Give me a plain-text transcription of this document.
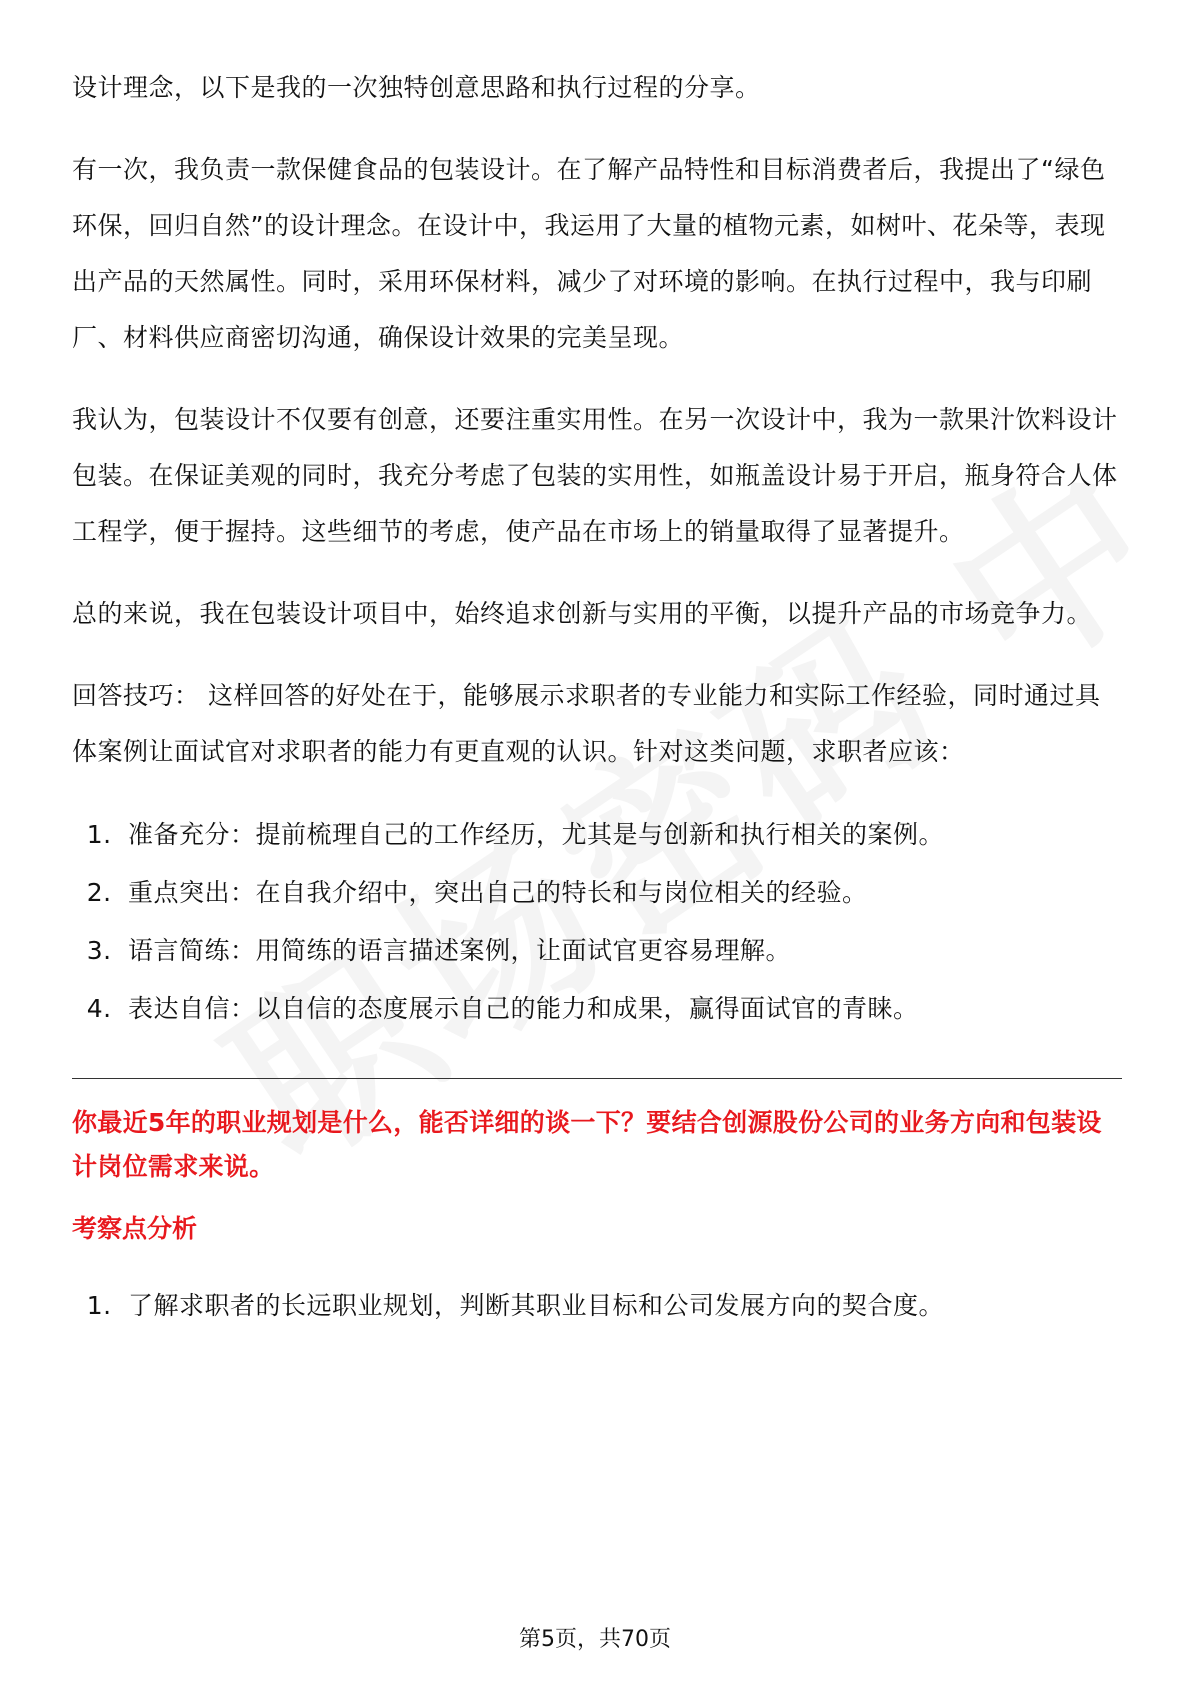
设计理念，以下是我的一次独特创意思路和执行过程的分享。

有一次，我负责一款保健食品的包装设计。在了解产品特性和目标消费者后，我提出了“绿色环保，回归自然”的设计理念。在设计中，我运用了大量的植物元素，如树叶、花朵等，表现出产品的天然属性。同时，采用环保材料，减少了对环境的影响。在执行过程中，我与印刷厂、材料供应商密切沟通，确保设计效果的完美呈现。

我认为，包装设计不仅要有创意，还要注重实用性。在另一次设计中，我为一款果汁饮料设计包装。在保证美观的同时，我充分考虑了包装的实用性，如瓶盖设计易于开启，瓶身符合人体工程学，便于握持。这些细节的考虑，使产品在市场上的销量取得了显著提升。

总的来说，我在包装设计项目中，始终追求创新与实用的平衡，以提升产品的市场竞争力。

回答技巧： 这样回答的好处在于，能够展示求职者的专业能力和实际工作经验，同时通过具体案例让面试官对求职者的能力有更直观的认识。针对这类问题，求职者应该：

1. 准备充分：提前梳理自己的工作经历，尤其是与创新和执行相关的案例。
2. 重点突出：在自我介绍中，突出自己的特长和与岗位相关的经验。
3. 语言简练：用简练的语言描述案例，让面试官更容易理解。
4. 表达自信：以自信的态度展示自己的能力和成果，赢得面试官的青睐。
你最近5年的职业规划是什么，能否详细的谈一下？要结合创源股份公司的业务方向和包装设计岗位需求来说。
考察点分析
1. 了解求职者的长远职业规划，判断其职业目标和公司发展方向的契合度。
第5页，共70页
